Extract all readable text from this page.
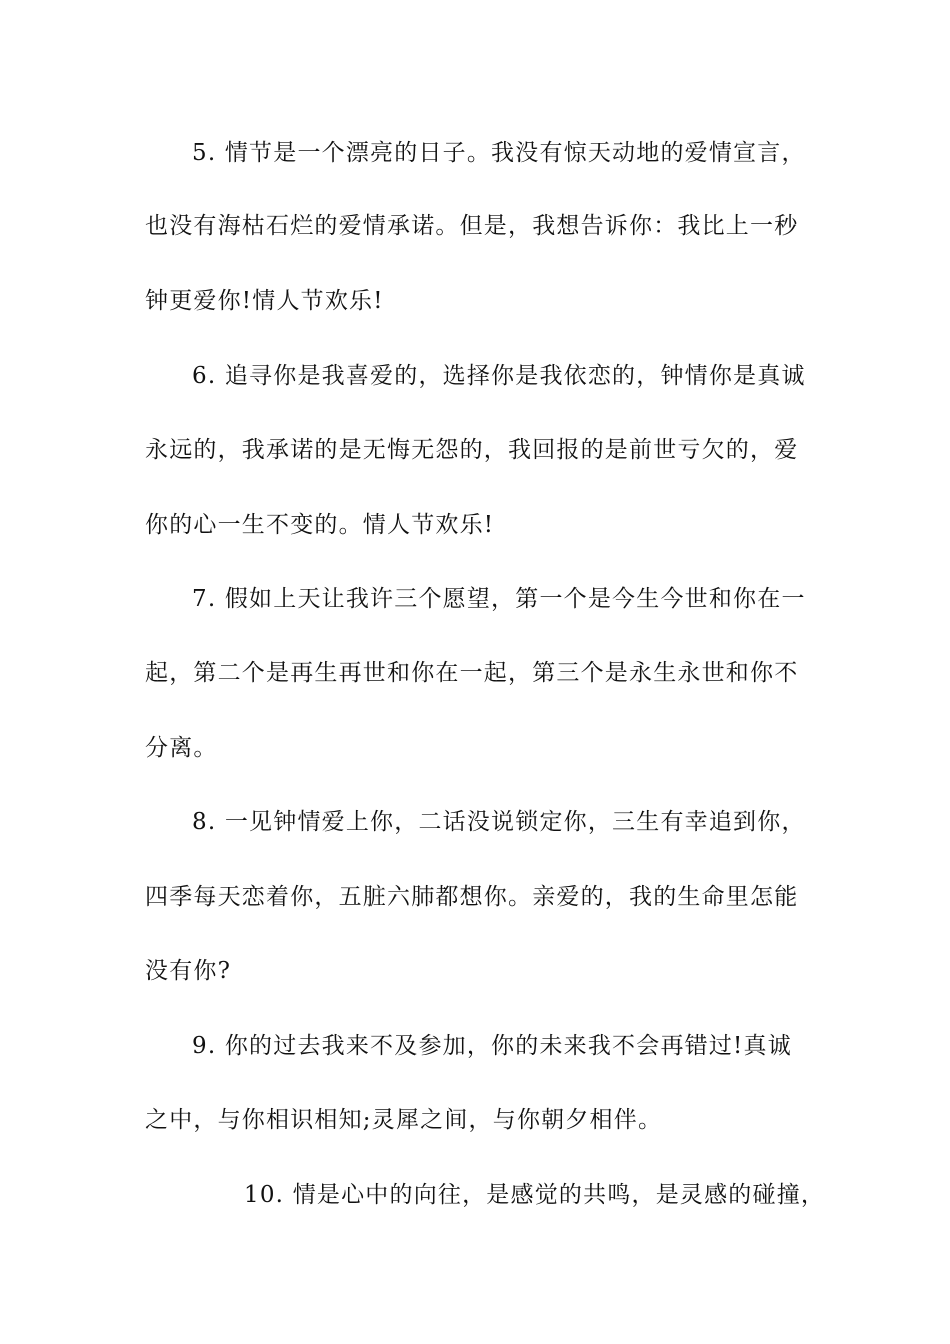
5. 情节是一个漂亮的日子。我没有惊天动地的爱情宣言，
也没有海枯石烂的爱情承诺。但是，我想告诉你：我比上一秒
钟更爱你!情人节欢乐!
6. 追寻你是我喜爱的，选择你是我依恋的，钟情你是真诚
永远的，我承诺的是无悔无怨的，我回报的是前世亏欠的，爱
你的心一生不变的。情人节欢乐!
7. 假如上天让我许三个愿望，第一个是今生今世和你在一
起，第二个是再生再世和你在一起，第三个是永生永世和你不
分离。
8. 一见钟情爱上你，二话没说锁定你，三生有幸追到你，
四季每天恋着你，五脏六肺都想你。亲爱的，我的生命里怎能
没有你?
9. 你的过去我来不及参加，你的未来我不会再错过!真诚
之中，与你相识相知;灵犀之间，与你朝夕相伴。
10. 情是心中的向往，是感觉的共鸣，是灵感的碰撞，
